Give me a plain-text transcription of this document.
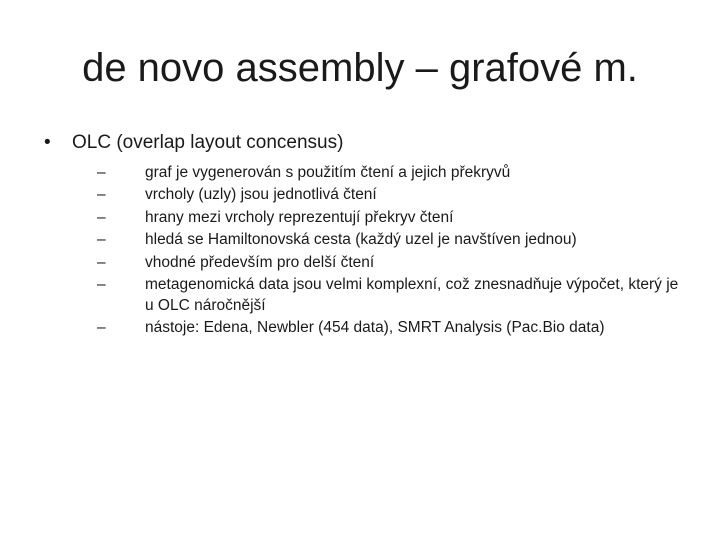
de novo assembly – grafové m.
• OLC (overlap layout concensus)
–	graf je vygenerován s použitím čtení a jejich překryvů
–	vrcholy (uzly) jsou jednotlivá čtení
–	hrany mezi vrcholy reprezentují překryv čtení
–	hledá se Hamiltonovská cesta (každý uzel je navštíven jednou)
–	vhodné především pro delší čtení
–	metagenomická data jsou velmi komplexní, což znesnadňuje výpočet, který je u OLC náročnější
–	nástoje: Edena, Newbler (454 data), SMRT Analysis (Pac.Bio data)
